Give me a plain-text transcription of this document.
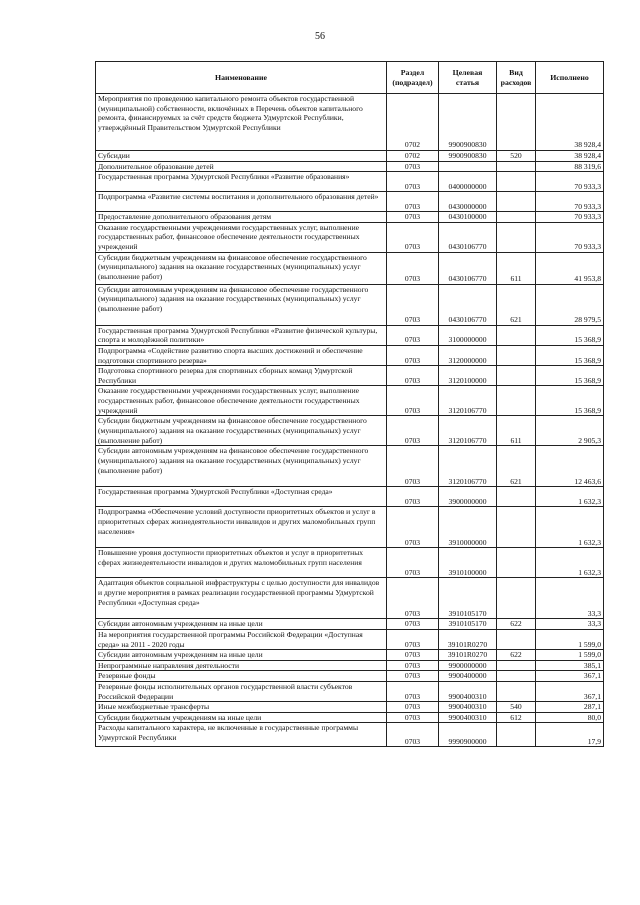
56
Наименование	Раздел (подраздел)	Целевая статья	Вид расходов	Исполнено
Мероприятия по проведению капитального ремонта объектов государственной (муниципальной) собственности, включённых в Перечень объектов капитального ремонта, финансируемых за счёт средств бюджета Удмуртской Республики, утверждённый Правительством Удмуртской Республики	0702	9900900830		38 928,4
Субсидии	0702	9900900830	520	38 928,4
Дополнительное образование детей	0703			88 319,6
Государственная программа Удмуртской Республики «Развитие образования»	0703	0400000000		70 933,3
Подпрограмма «Развитие системы воспитания и дополнительного образования детей»	0703	0430000000		70 933,3
Предоставление дополнительного образования детям	0703	0430100000		70 933,3
Оказание государственными учреждениями государственных услуг, выполнение государственных работ, финансовое обеспечение деятельности государственных учреждений	0703	0430106770		70 933,3
Субсидии бюджетным учреждениям на финансовое обеспечение государственного (муниципального) задания на оказание государственных (муниципальных) услуг (выполнение работ)	0703	0430106770	611	41 953,8
Субсидии автономным учреждениям на финансовое обеспечение государственного (муниципального) задания на оказание государственных (муниципальных) услуг (выполнение работ)	0703	0430106770	621	28 979,5
Государственная программа Удмуртской Республики «Развитие физической культуры, спорта и молодёжной политики»	0703	3100000000		15 368,9
Подпрограмма «Содействие развитию спорта высших достижений и обеспечение подготовки спортивного резерва»	0703	3120000000		15 368,9
Подготовка спортивного резерва для спортивных сборных команд Удмуртской Республики	0703	3120100000		15 368,9
Оказание государственными учреждениями государственных услуг, выполнение государственных работ, финансовое обеспечение деятельности государственных учреждений	0703	3120106770		15 368,9
Субсидии бюджетным учреждениям на финансовое обеспечение государственного (муниципального) задания на оказание государственных (муниципальных) услуг (выполнение работ)	0703	3120106770	611	2 905,3
Субсидии автономным учреждениям на финансовое обеспечение государственного (муниципального) задания на оказание государственных (муниципальных) услуг (выполнение работ)	0703	3120106770	621	12 463,6
Государственная программа Удмуртской Республики «Доступная среда»	0703	3900000000		1 632,3
Подпрограмма «Обеспечение условий доступности приоритетных объектов и услуг в приоритетных сферах жизнедеятельности инвалидов и других маломобильных групп населения»	0703	3910000000		1 632,3
Повышение уровня доступности приоритетных объектов и услуг в приоритетных сферах жизнедеятельности инвалидов и других маломобильных групп населения	0703	3910100000		1 632,3
Адаптация объектов социальной инфраструктуры с целью доступности для инвалидов и другие мероприятия в рамках реализации государственной программы Удмуртской Республики «Доступная среда»	0703	3910105170		33,3
Субсидии автономным учреждениям на иные цели	0703	3910105170	622	33,3
На мероприятия государственной программы Российской Федерации «Доступная среда» на 2011 - 2020 годы	0703	39101R0270		1 599,0
Субсидии автономным учреждениям на иные цели	0703	39101R0270	622	1 599,0
Непрограммные направления деятельности	0703	9900000000		385,1
Резервные фонды	0703	9900400000		367,1
Резервные фонды исполнительных органов государственной власти субъектов Российской Федерации	0703	9900400310		367,1
Иные межбюджетные трансферты	0703	9900400310	540	287,1
Субсидии бюджетным учреждениям на иные цели	0703	9900400310	612	80,0
Расходы капитального характера, не включенные в государственные программы Удмуртской Республики	0703	9990900000		17,9
